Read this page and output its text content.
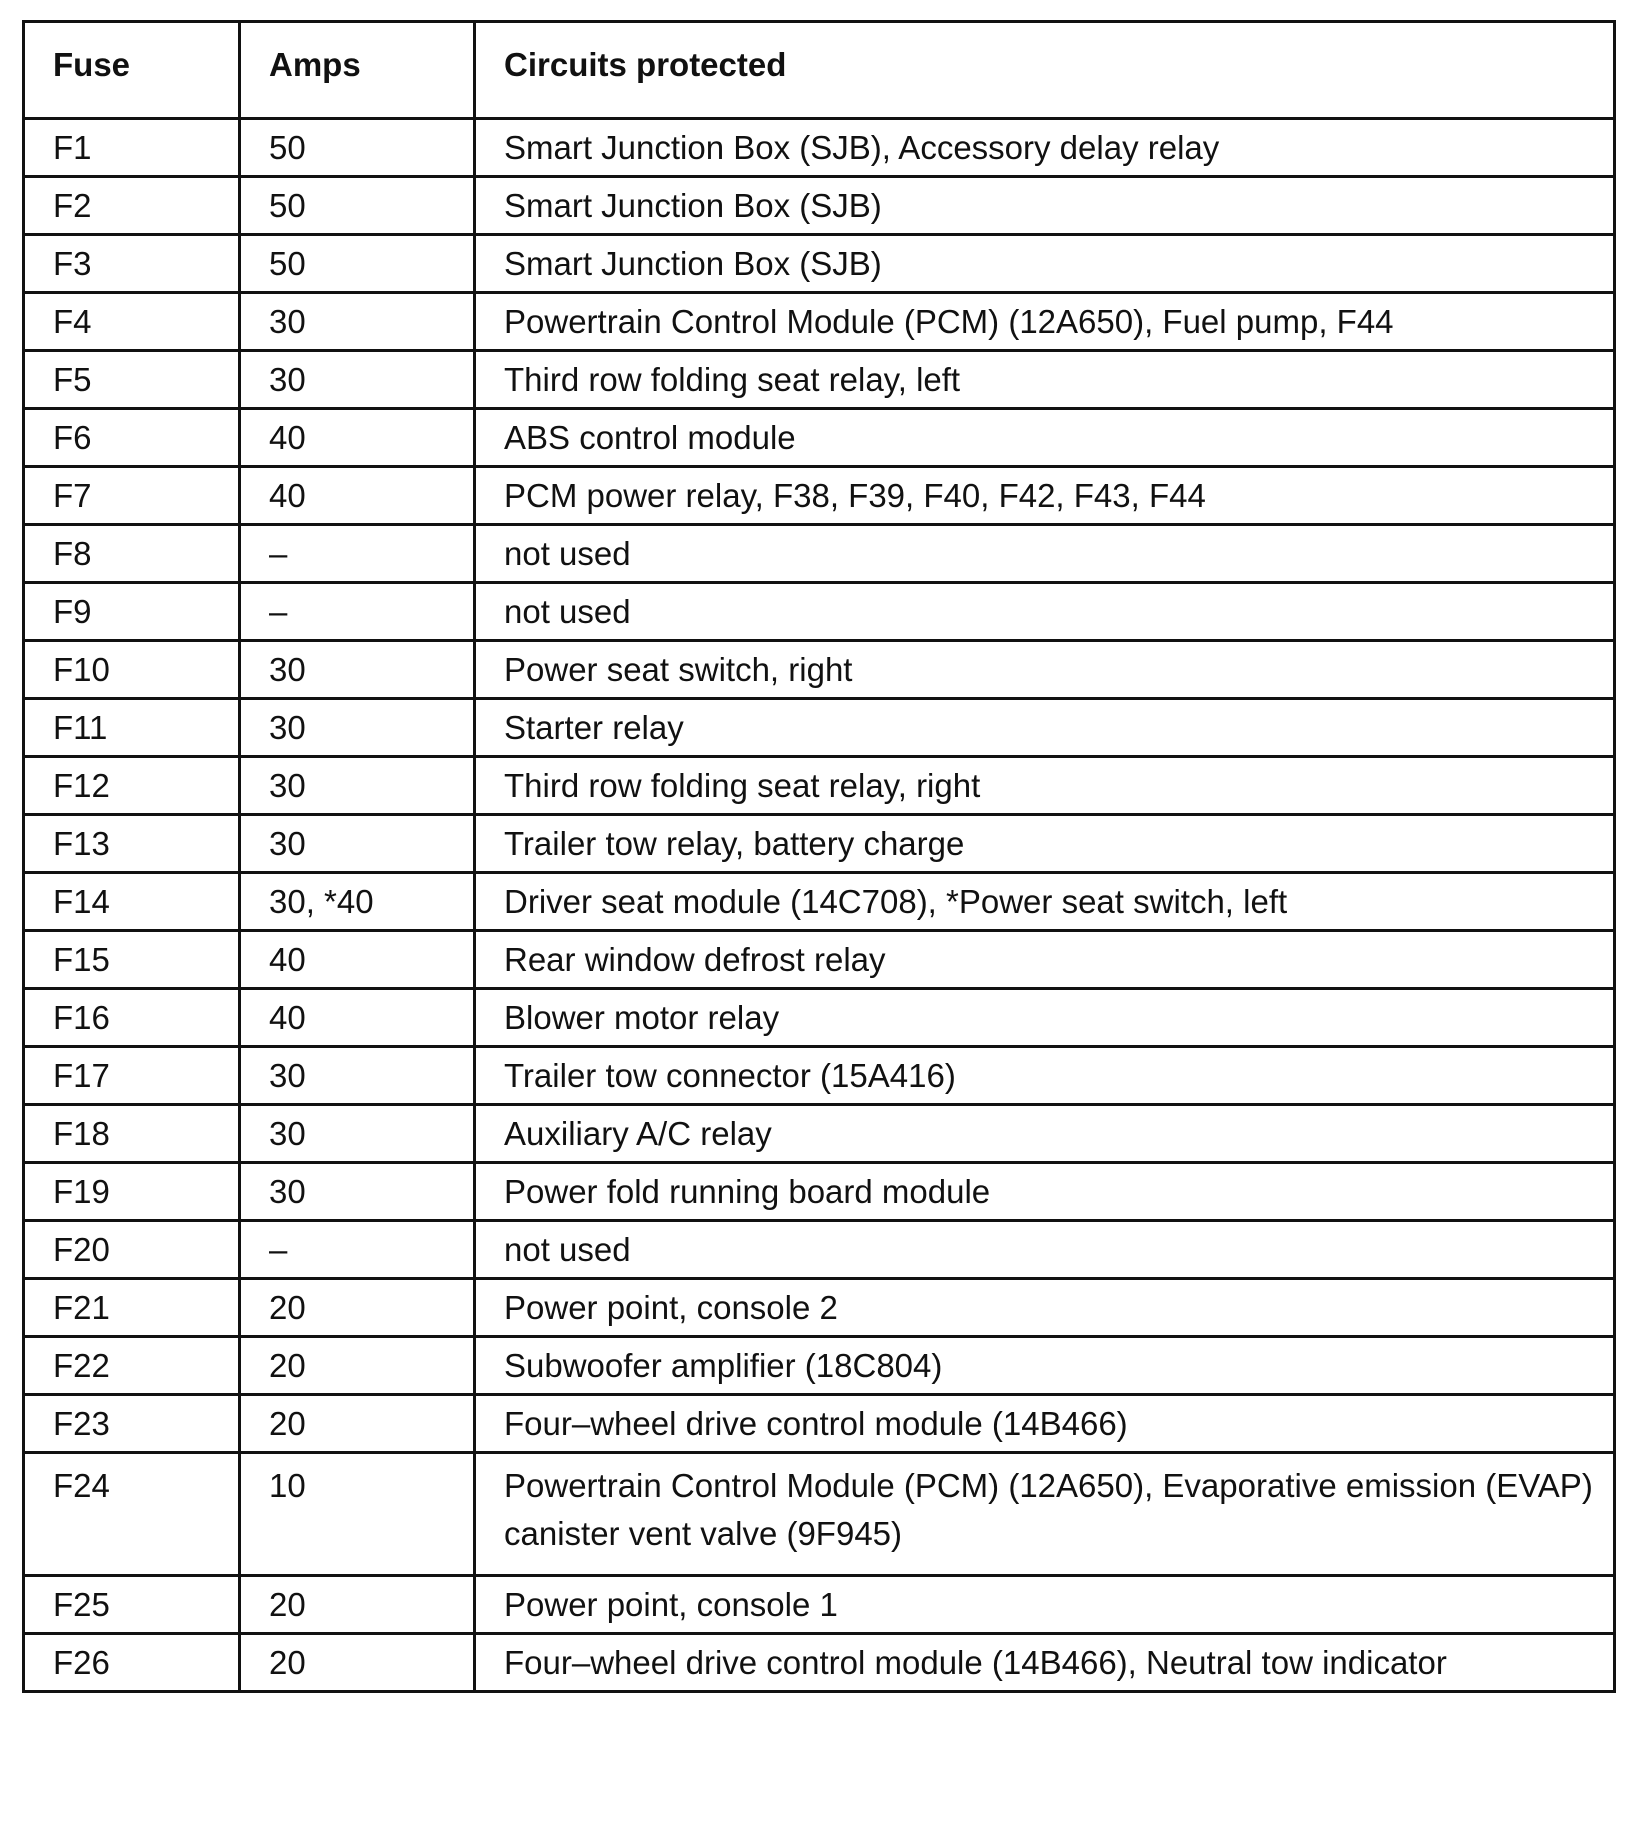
Fuse	Amps	Circuits protected
F1	50	Smart Junction Box (SJB), Accessory delay relay
F2	50	Smart Junction Box (SJB)
F3	50	Smart Junction Box (SJB)
F4	30	Powertrain Control Module (PCM) (12A650), Fuel pump, F44
F5	30	Third row folding seat relay, left
F6	40	ABS control module
F7	40	PCM power relay, F38, F39, F40, F42, F43, F44
F8	–	not used
F9	–	not used
F10	30	Power seat switch, right
F11	30	Starter relay
F12	30	Third row folding seat relay, right
F13	30	Trailer tow relay, battery charge
F14	30, *40	Driver seat module (14C708), *Power seat switch, left
F15	40	Rear window defrost relay
F16	40	Blower motor relay
F17	30	Trailer tow connector (15A416)
F18	30	Auxiliary A/C relay
F19	30	Power fold running board module
F20	–	not used
F21	20	Power point, console 2
F22	20	Subwoofer amplifier (18C804)
F23	20	Four–wheel drive control module (14B466)
F24	10	Powertrain Control Module (PCM) (12A650), Evaporative emission (EVAP) canister vent valve (9F945)
F25	20	Power point, console 1
F26	20	Four–wheel drive control module (14B466), Neutral tow indicator
